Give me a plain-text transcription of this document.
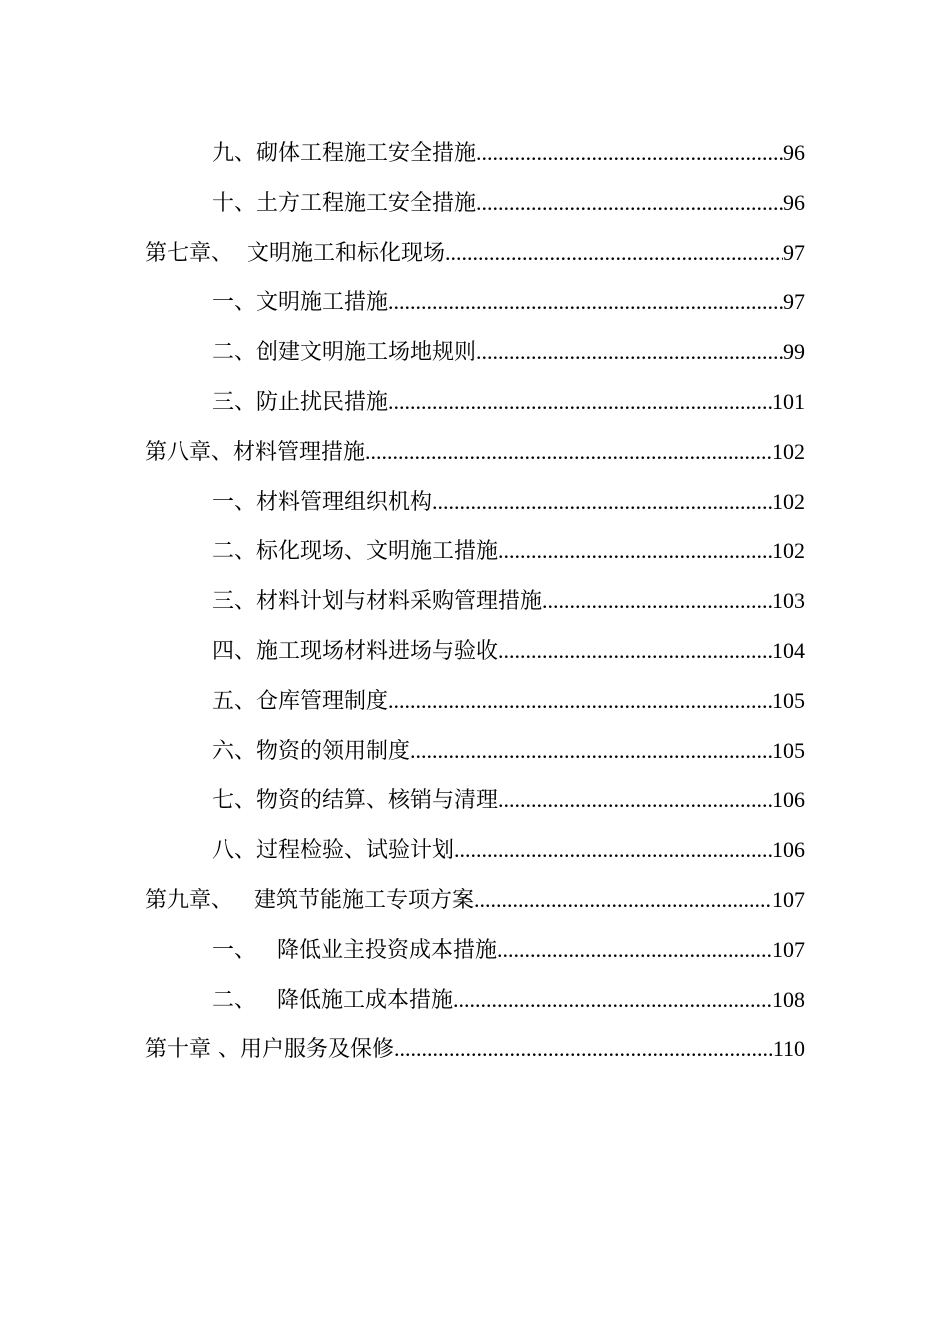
九、砌体工程施工安全措施 .....	96
十、土方工程施工安全措施 .....	96
第七章、  文明施工和标化现场 .....	97
一、文明施工措施 .....	97
二、创建文明施工场地规则 .....	99
三、防止扰民措施 .....	101
第八章、材料管理措施 .....	102
一、材料管理组织机构 .....	102
二、标化现场、文明施工措施 .....	102
三、材料计划与材料采购管理措施 .....	103
四、施工现场材料进场与验收 .....	104
五、仓库管理制度 .....	105
六、物资的领用制度 .....	105
七、物资的结算、核销与清理 .....	106
八、过程检验、试验计划 .....	106
第九章、   建筑节能施工专项方案 .....	107
一、   降低业主投资成本措施 .....	107
二、   降低施工成本措施 .....	108
第十章 、用户服务及保修 .....	110
